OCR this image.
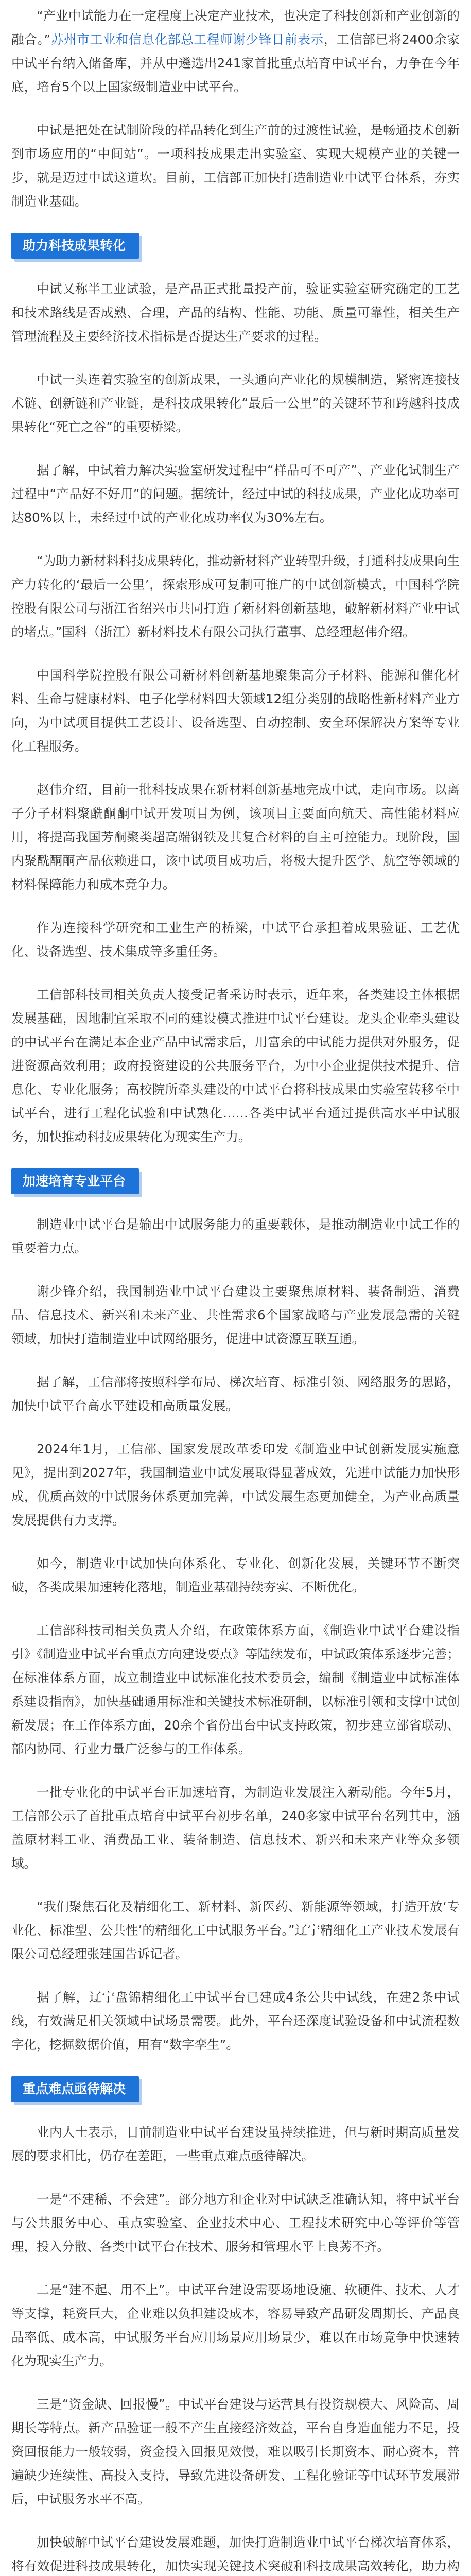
“产业中试能力在一定程度上决定产业技术，也决定了科技创新和产业创新的融合。”苏州市工业和信息化部总工程师谢少锋日前表示，工信部已将2400余家中试平台纳入储备库，并从中遴选出241家首批重点培育中试平台，力争在今年底，培育5个以上国家级制造业中试平台。

中试是把处在试制阶段的样品转化到生产前的过渡性试验，是畅通技术创新到市场应用的“中间站”。一项科技成果走出实验室、实现大规模产业的关键一步，就是迈过中试这道坎。目前，工信部正加快打造制造业中试平台体系，夯实制造业基础。

助力科技成果转化

中试又称半工业试验，是产品正式批量投产前，验证实验室研究确定的工艺和技术路线是否成熟、合理，产品的结构、性能、功能、质量可靠性，相关生产管理流程及主要经济技术指标是否提达生产要求的过程。

中试一头连着实验室的创新成果，一头通向产业化的规模制造，紧密连接技术链、创新链和产业链，是科技成果转化“最后一公里”的关键环节和跨越科技成果转化“死亡之谷”的重要桥梁。

据了解，中试着力解决实验室研发过程中“样品可不可产”、产业化试制生产过程中“产品好不好用”的问题。据统计，经过中试的科技成果，产业化成功率可达80%以上，未经过中试的产业化成功率仅为30%左右。

“为助力新材料科技成果转化，推动新材料产业转型升级，打通科技成果向生产力转化的‘最后一公里’，探索形成可复制可推广的中试创新模式，中国科学院控股有限公司与浙江省绍兴市共同打造了新材料创新基地，破解新材料产业中试的堵点。”国科（浙江）新材料技术有限公司执行董事、总经理赵伟介绍。

中国科学院控股有限公司新材料创新基地聚集高分子材料、能源和催化材料、生命与健康材料、电子化学材料四大领域12组分类别的战略性新材料产业方向，为中试项目提供工艺设计、设备选型、自动控制、安全环保解决方案等专业化工程服务。

赵伟介绍，目前一批科技成果在新材料创新基地完成中试，走向市场。以离子分子材料聚酰酮酮中试开发项目为例，该项目主要面向航天、高性能材料应用，将提高我国芳酮聚类超高端钢铁及其复合材料的自主可控能力。现阶段，国内聚酰酮酮产品依赖进口，该中试项目成功后，将极大提升医学、航空等领域的材料保障能力和成本竞争力。

作为连接科学研究和工业生产的桥梁，中试平台承担着成果验证、工艺优化、设备选型、技术集成等多重任务。

工信部科技司相关负责人接受记者采访时表示，近年来，各类建设主体根据发展基础，因地制宜采取不同的建设模式推进中试平台建设。龙头企业牵头建设的中试平台在满足本企业产品中试需求后，用富余的中试能力提供对外服务，促进资源高效利用；政府投资建设的公共服务平台，为中小企业提供技术提升、信息化、专业化服务；高校院所牵头建设的中试平台将科技成果由实验室转移至中试平台，进行工程化试验和中试熟化……各类中试平台通过提供高水平中试服务，加快推动科技成果转化为现实生产力。

加速培育专业平台

制造业中试平台是输出中试服务能力的重要载体，是推动制造业中试工作的重要着力点。

谢少锋介绍，我国制造业中试平台建设主要聚焦原材料、装备制造、消费品、信息技术、新兴和未来产业、共性需求6个国家战略与产业发展急需的关键领域，加快打造制造业中试网络服务，促进中试资源互联互通。

据了解，工信部将按照科学布局、梯次培育、标准引领、网络服务的思路，加快中试平台高水平建设和高质量发展。

2024年1月，工信部、国家发展改革委印发《制造业中试创新发展实施意见》，提出到2027年，我国制造业中试发展取得显著成效，先进中试能力加快形成，优质高效的中试服务体系更加完善，中试发展生态更加健全，为产业高质量发展提供有力支撑。

如今，制造业中试加快向体系化、专业化、创新化发展，关键环节不断突破，各类成果加速转化落地，制造业基础持续夯实、不断优化。

工信部科技司相关负责人介绍，在政策体系方面，《制造业中试平台建设指引》《制造业中试平台重点方向建设要点》等陆续发布，中试政策体系逐步完善；在标准体系方面，成立制造业中试标准化技术委员会，编制《制造业中试标准体系建设指南》，加快基础通用标准和关键技术标准研制，以标准引领和支撑中试创新发展；在工作体系方面，20余个省份出台中试支持政策，初步建立部省联动、部内协同、行业力量广泛参与的工作体系。

一批专业化的中试平台正加速培育，为制造业发展注入新动能。今年5月，工信部公示了首批重点培育中试平台初步名单，240多家中试平台名列其中，涵盖原材料工业、消费品工业、装备制造、信息技术、新兴和未来产业等众多领域。

“我们聚焦石化及精细化工、新材料、新医药、新能源等领域，打造开放‘专业化、标准型、公共性’的精细化工中试服务平台。”辽宁精细化工产业技术发展有限公司总经理张建国告诉记者。

据了解，辽宁盘锦精细化工中试平台已建成4条公共中试线，在建2条中试线，有效满足相关领域中试场景需要。此外，平台还深度试验设备和中试流程数字化，挖掘数据价值，用有“数字孪生”。

重点难点亟待解决

业内人士表示，目前制造业中试平台建设虽持续推进，但与新时期高质量发展的要求相比，仍存在差距，一些重点难点亟待解决。

一是“不建稀、不会建”。部分地方和企业对中试缺乏准确认知，将中试平台与公共服务中心、重点实验室、企业技术中心、工程技术研究中心等评价等管理，投入分散、各类中试平台在技术、服务和管理水平上良莠不齐。

二是“建不起、用不上”。中试平台建设需要场地设施、软硬件、技术、人才等支撑，耗资巨大，企业难以负担建设成本，容易导致产品研发周期长、产品良品率低、成本高，中试服务平台应用场景应用场景少，难以在市场竞争中快速转化为现实生产力。

三是“资金缺、回报慢”。中试平台建设与运营具有投资规模大、风险高、周期长等特点。新产品验证一般不产生直接经济效益，平台自身造血能力不足，投资回报能力一般较弱，资金投入回报见效慢，难以吸引长期资本、耐心资本，普遍缺少连续性、高投入支持，导致先进设备研发、工程化验证等中试环节发展滞后，中试服务水平不高。

加快破解中试平台建设发展难题，加快打造制造业中试平台梯次培育体系，将有效促进科技成果转化，加快实现关键技术突破和科技成果高效转化，助力构
